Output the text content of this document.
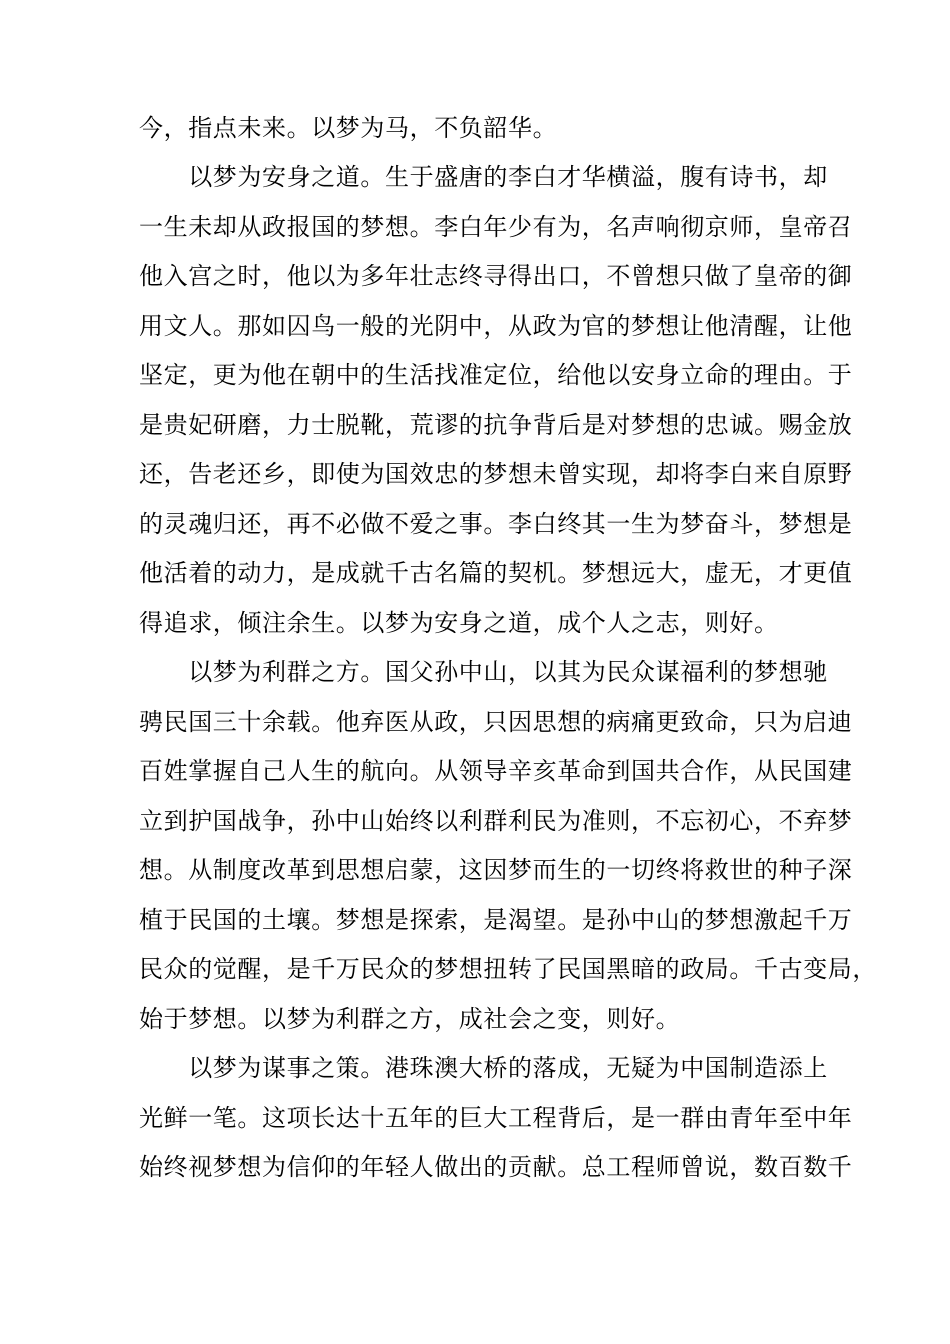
今，指点未来。以梦为马，不负韶华。
　　以梦为安身之道。生于盛唐的李白才华横溢，腹有诗书，却
一生未却从政报国的梦想。李白年少有为，名声响彻京师，皇帝召
他入宫之时，他以为多年壮志终寻得出口，不曾想只做了皇帝的御
用文人。那如囚鸟一般的光阴中，从政为官的梦想让他清醒，让他
坚定，更为他在朝中的生活找准定位，给他以安身立命的理由。于
是贵妃研磨，力士脱靴，荒谬的抗争背后是对梦想的忠诚。赐金放
还，告老还乡，即使为国效忠的梦想未曾实现，却将李白来自原野
的灵魂归还，再不必做不爱之事。李白终其一生为梦奋斗，梦想是
他活着的动力，是成就千古名篇的契机。梦想远大，虚无，才更值
得追求，倾注余生。以梦为安身之道，成个人之志，则好。
　　以梦为利群之方。国父孙中山，以其为民众谋福利的梦想驰
骋民国三十余载。他弃医从政，只因思想的病痛更致命，只为启迪
百姓掌握自己人生的航向。从领导辛亥革命到国共合作，从民国建
立到护国战争，孙中山始终以利群利民为准则，不忘初心，不弃梦
想。从制度改革到思想启蒙，这因梦而生的一切终将救世的种子深
植于民国的土壤。梦想是探索，是渴望。是孙中山的梦想激起千万
民众的觉醒，是千万民众的梦想扭转了民国黑暗的政局。千古变局，
始于梦想。以梦为利群之方，成社会之变，则好。
　　以梦为谋事之策。港珠澳大桥的落成，无疑为中国制造添上
光鲜一笔。这项长达十五年的巨大工程背后，是一群由青年至中年
始终视梦想为信仰的年轻人做出的贡献。总工程师曾说，数百数千
